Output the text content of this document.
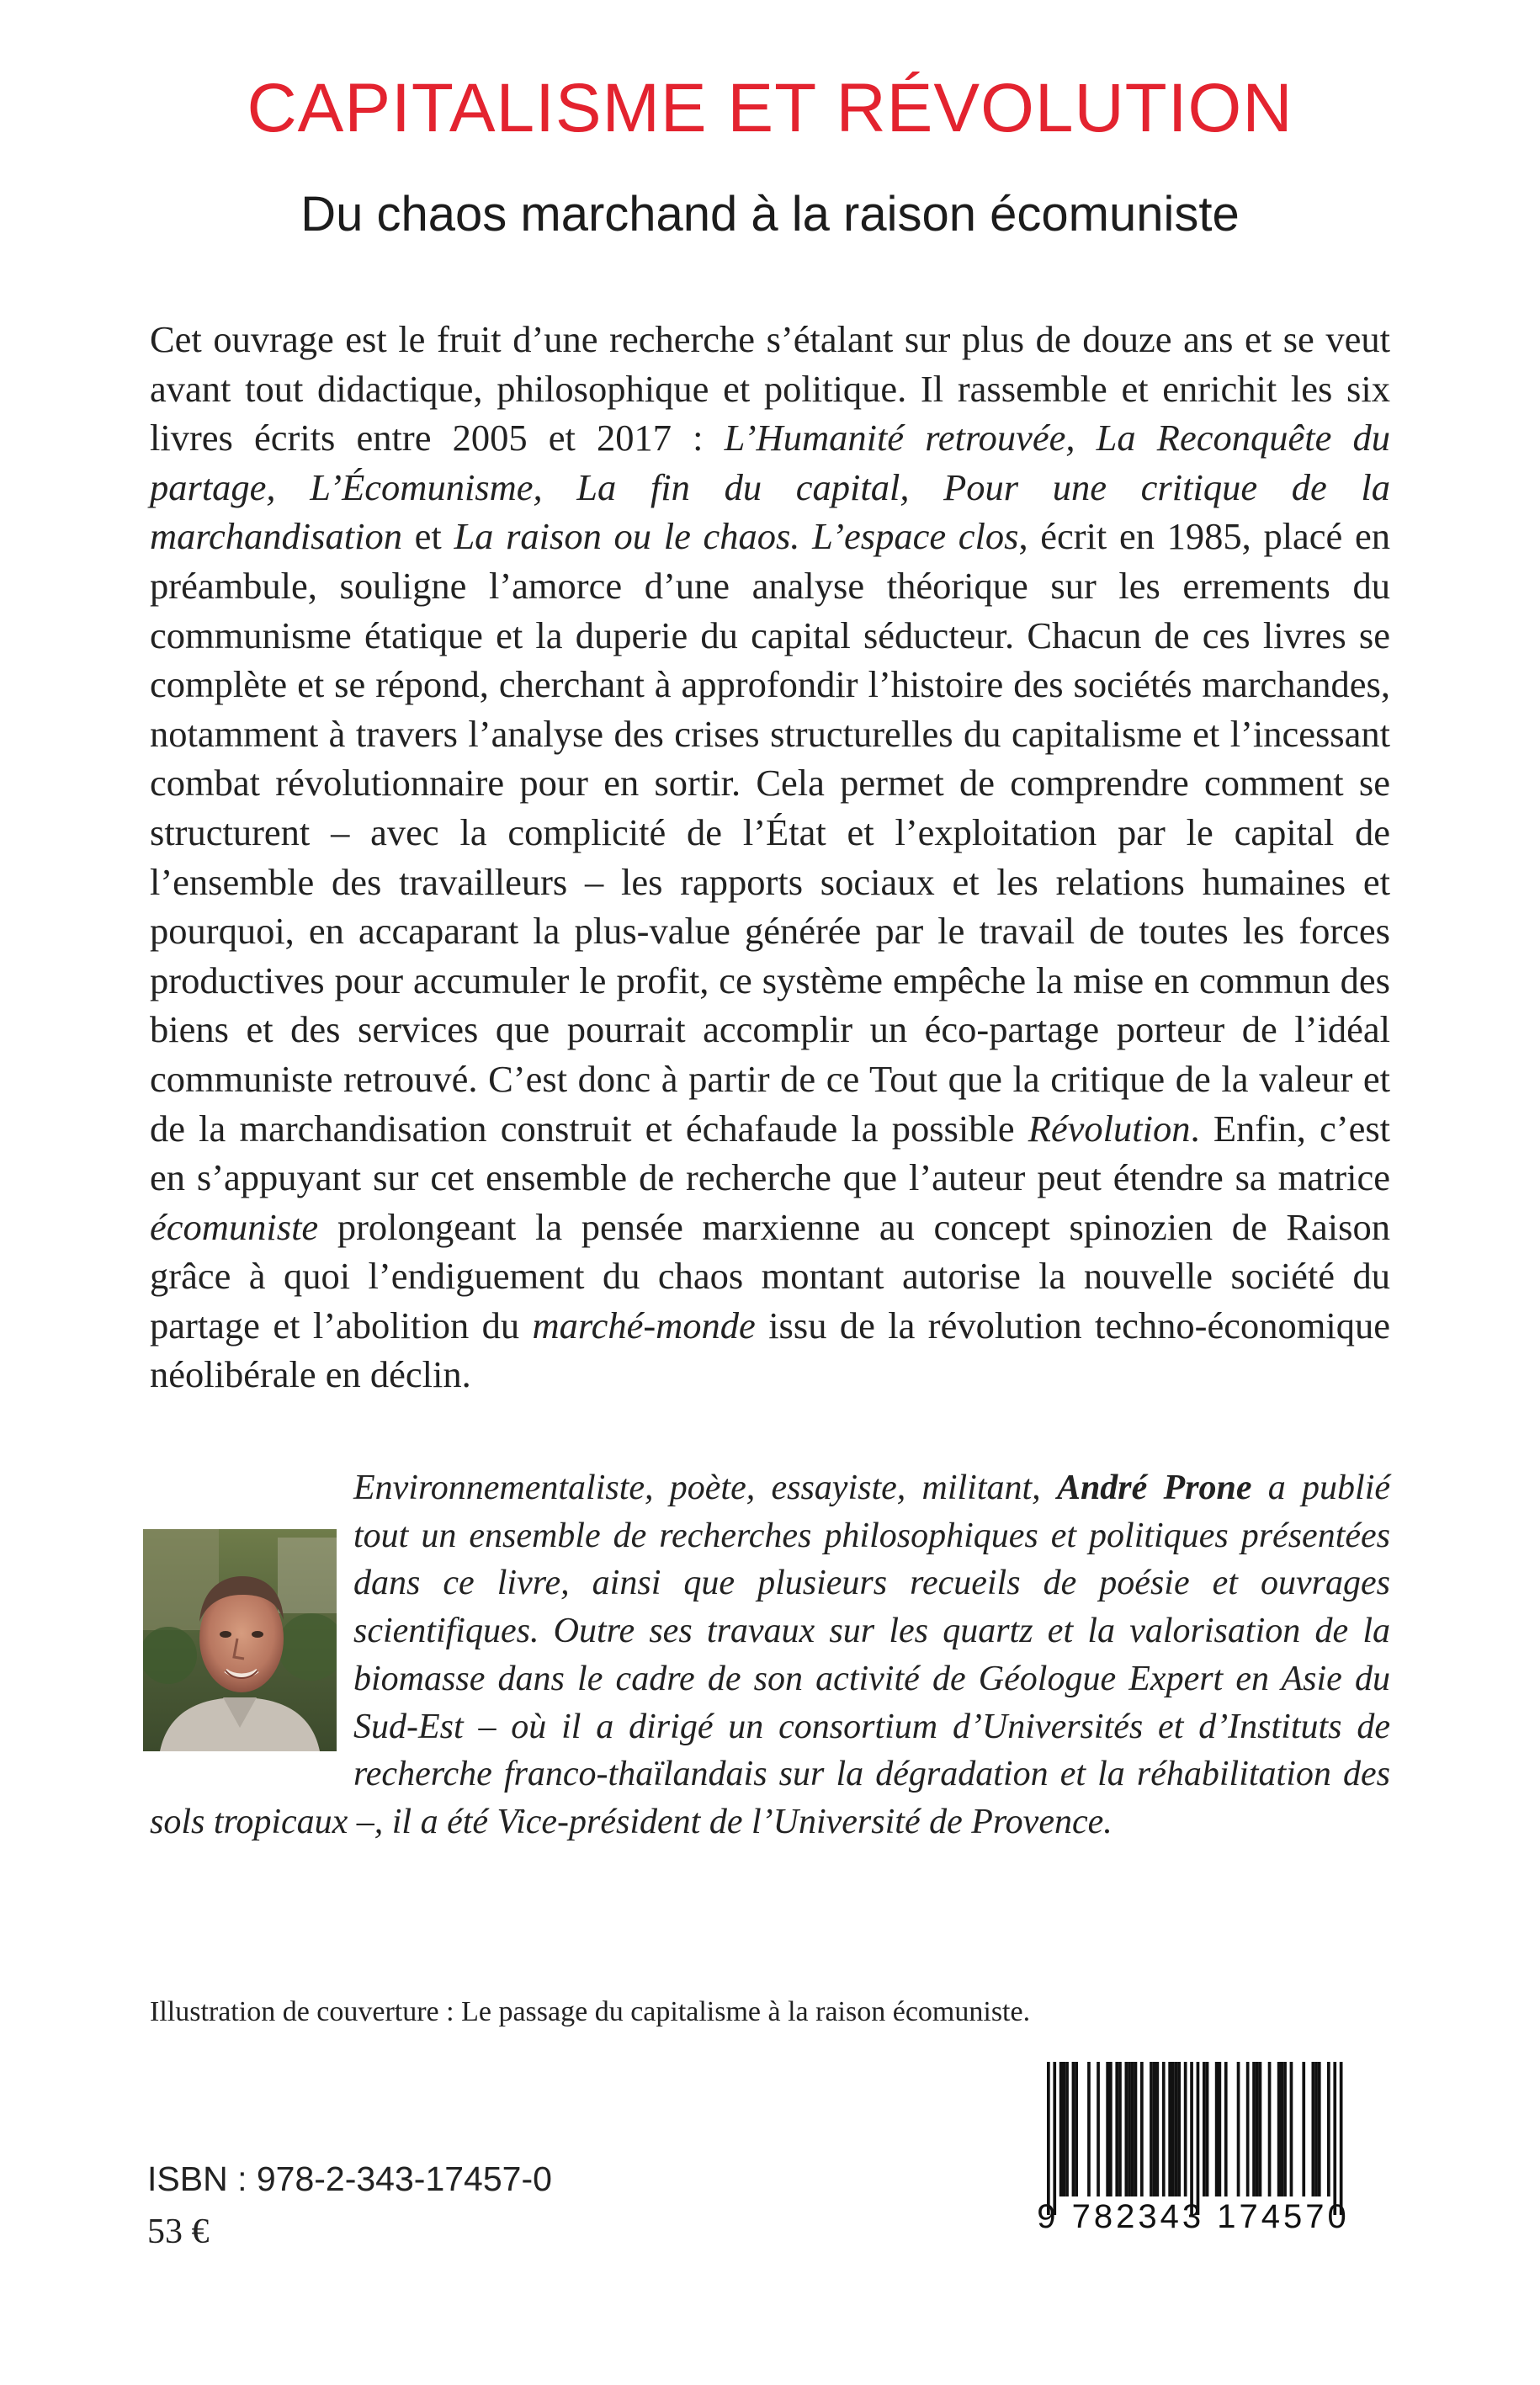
CAPITALISME ET RÉVOLUTION
Du chaos marchand à la raison écomuniste
Cet ouvrage est le fruit d’une recherche s’étalant sur plus de douze ans et se veut avant tout didactique, philosophique et politique. Il rassemble et enrichit les six livres écrits entre 2005 et 2017 : L’Humanité retrouvée, La Reconquête du partage, L’Écomunisme, La fin du capital, Pour une critique de la marchandisation et La raison ou le chaos. L’espace clos, écrit en 1985, placé en préambule, souligne l’amorce d’une analyse théorique sur les errements du communisme étatique et la duperie du capital séducteur. Chacun de ces livres se complète et se répond, cherchant à approfondir l’histoire des sociétés marchandes, notamment à travers l’analyse des crises structurelles du capitalisme et l’incessant combat révolutionnaire pour en sortir. Cela permet de comprendre comment se structurent – avec la complicité de l’État et l’exploitation par le capital de l’ensemble des travailleurs – les rapports sociaux et les relations humaines et pourquoi, en accaparant la plus-value générée par le travail de toutes les forces productives pour accumuler le profit, ce système empêche la mise en commun des biens et des services que pourrait accomplir un éco-partage porteur de l’idéal communiste retrouvé. C’est donc à partir de ce Tout que la critique de la valeur et de la marchandisation construit et échafaude la possible Révolution. Enfin, c’est en s’appuyant sur cet ensemble de recherche que l’auteur peut étendre sa matrice écomuniste prolongeant la pensée marxienne au concept spinozien de Raison grâce à quoi l’endiguement du chaos montant autorise la nouvelle société du partage et l’abolition du marché-monde issu de la révolution techno-économique néolibérale en déclin.
Environnementaliste, poète, essayiste, militant, André Prone a publié tout un ensemble de recherches philosophiques et politiques présentées dans ce livre, ainsi que plusieurs recueils de poésie et ouvrages scientifiques. Outre ses travaux sur les quartz et la valorisation de la biomasse dans le cadre de son activité de Géologue Expert en Asie du Sud-Est – où il a dirigé un consortium d’Universités et d’Instituts de recherche franco-thaïlandais sur la dégradation et la réhabilitation des sols tropicaux –, il a été Vice-président de l’Université de Provence.
Illustration de couverture : Le passage du capitalisme à la raison écomuniste.
ISBN : 978-2-343-17457-0
53 €	9 782343 174570
